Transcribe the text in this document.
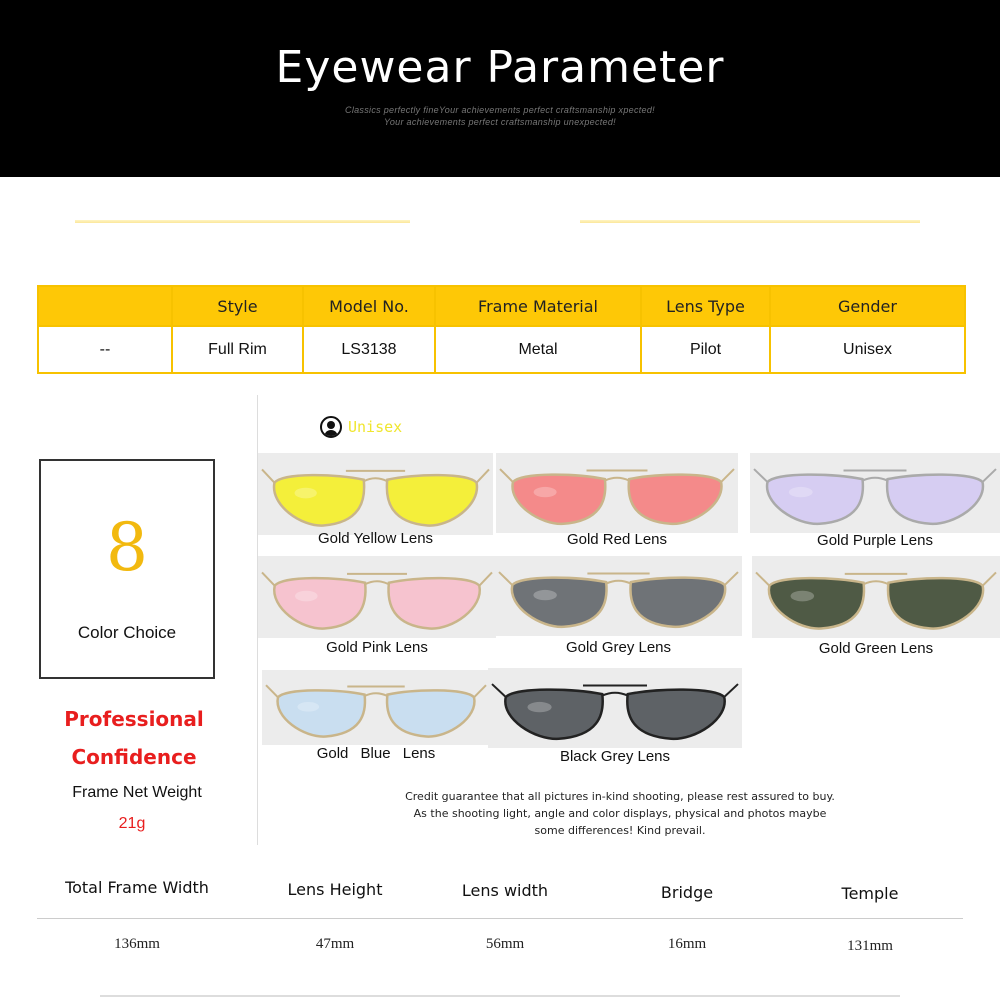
Eyewear Parameter
Classics perfectly fineYour achievements perfect craftsmanship xpected!
Your achievements perfect craftsmanship unexpected!
	Style	Model No.	Frame Material	Lens Type	Gender
--	Full Rim	LS3138	Metal	Pilot	Unisex
8
Color Choice
Professional
Confidence
Frame Net Weight
21g
Unisex
Gold Yellow Lens	Gold Red Lens	Gold Purple Lens
Gold Pink Lens	Gold Grey Lens	Gold Green Lens
Gold Blue Lens	Black Grey Lens
Credit guarantee that all pictures in-kind shooting, please rest assured to buy.
As the shooting light, angle and color displays, physical and photos maybe
some differences! Kind prevail.
Total Frame Width	Lens Height	Lens width	Bridge	Temple
136mm	47mm	56mm	16mm	131mm
